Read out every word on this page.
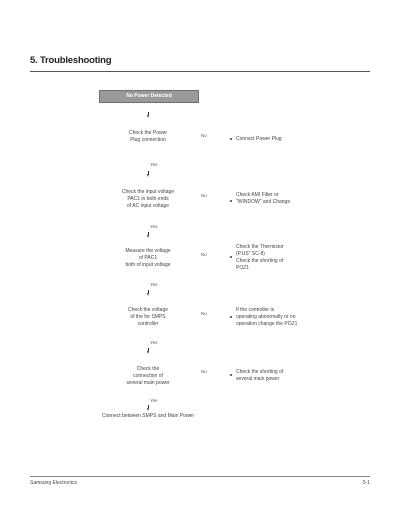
5. Troubleshooting
No Power Detected
Check the Power
Plug connection
No
Connect Power Plug
Yes
Check the input voltage
PAC1 in both ends
of AC input voltage
No	Check AMI Filter or
"WINDOW" and Change
Yes
Measure the voltage
of PAC1
both of input voltage
No
Check the Thermistor
(P.US" SC-8)
Check the shorting of
POZ1
Yes
Check the voltage
of the for SMPS
controller
No
If the controller is
operating abnormally or no
operation change the POZ1
Yes
Check the
connection of
several main power
No	Check the shorting of
several main power
Yes
Connect between SMPS and Main Power
Samsung Electronics	5-1
